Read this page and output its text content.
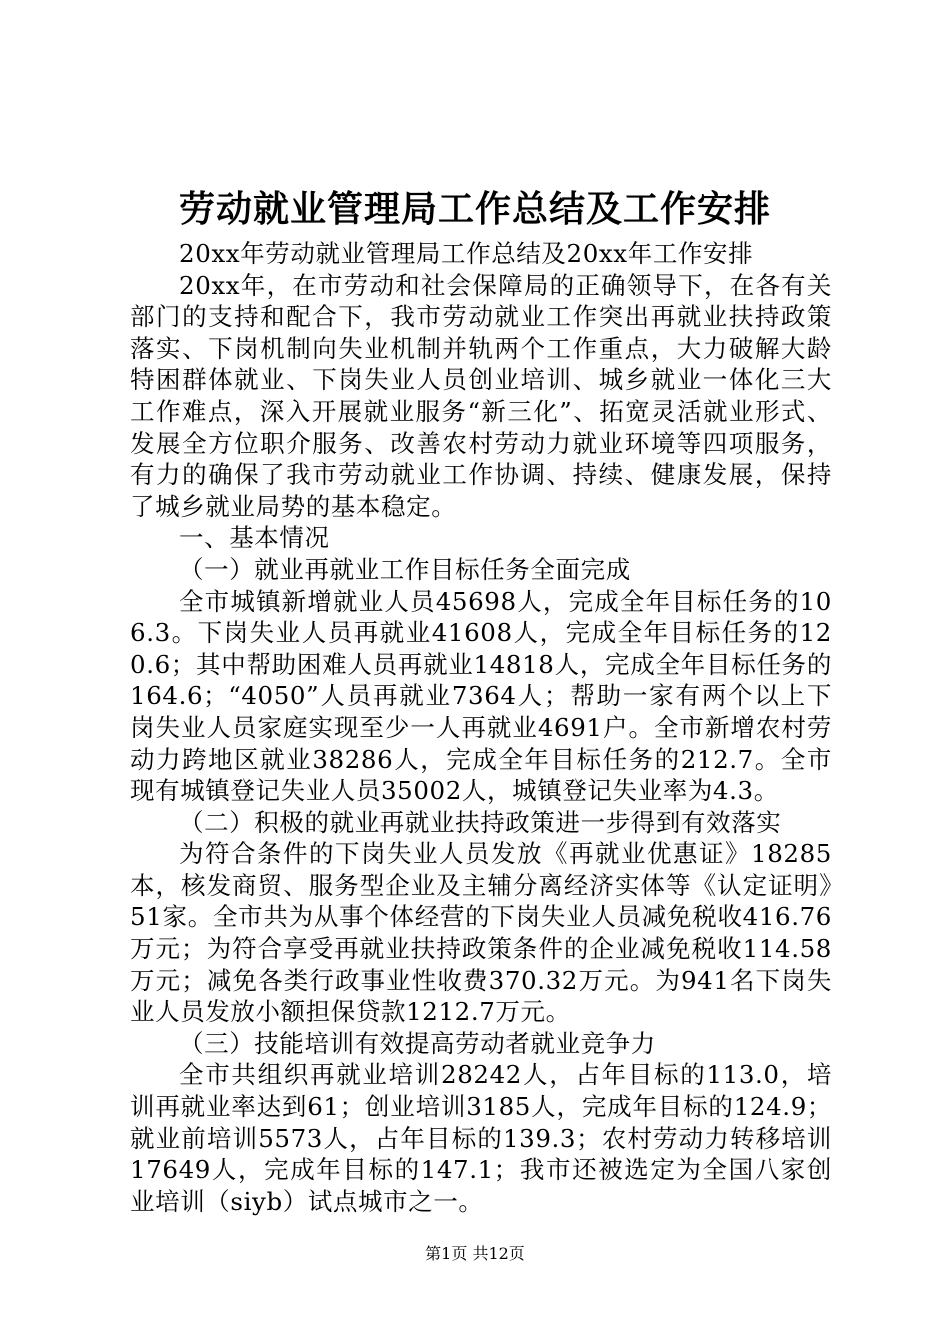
劳动就业管理局工作总结及工作安排

20xx年劳动就业管理局工作总结及20xx年工作安排

20xx年，在市劳动和社会保障局的正确领导下，在各有关部门的支持和配合下，我市劳动就业工作突出再就业扶持政策落实、下岗机制向失业机制并轨两个工作重点，大力破解大龄特困群体就业、下岗失业人员创业培训、城乡就业一体化三大工作难点，深入开展就业服务“新三化”、拓宽灵活就业形式、发展全方位职介服务、改善农村劳动力就业环境等四项服务，有力的确保了我市劳动就业工作协调、持续、健康发展，保持了城乡就业局势的基本稳定。

一、基本情况

（一）就业再就业工作目标任务全面完成

全市城镇新增就业人员45698人，完成全年目标任务的106.3。下岗失业人员再就业41608人，完成全年目标任务的120.6；其中帮助困难人员再就业14818人，完成全年目标任务的164.6；“4050”人员再就业7364人；帮助一家有两个以上下岗失业人员家庭实现至少一人再就业4691户。全市新增农村劳动力跨地区就业38286人，完成全年目标任务的212.7。全市现有城镇登记失业人员35002人，城镇登记失业率为4.3。

（二）积极的就业再就业扶持政策进一步得到有效落实

为符合条件的下岗失业人员发放《再就业优惠证》18285本，核发商贸、服务型企业及主辅分离经济实体等《认定证明》51家。全市共为从事个体经营的下岗失业人员减免税收416.76万元；为符合享受再就业扶持政策条件的企业减免税收114.58万元；减免各类行政事业性收费370.32万元。为941名下岗失业人员发放小额担保贷款1212.7万元。

（三）技能培训有效提高劳动者就业竞争力

全市共组织再就业培训28242人，占年目标的113.0，培训再就业率达到61；创业培训3185人，完成年目标的124.9；就业前培训5573人，占年目标的139.3；农村劳动力转移培训17649人，完成年目标的147.1；我市还被选定为全国八家创业培训（siyb）试点城市之一。

第1页 共12页
